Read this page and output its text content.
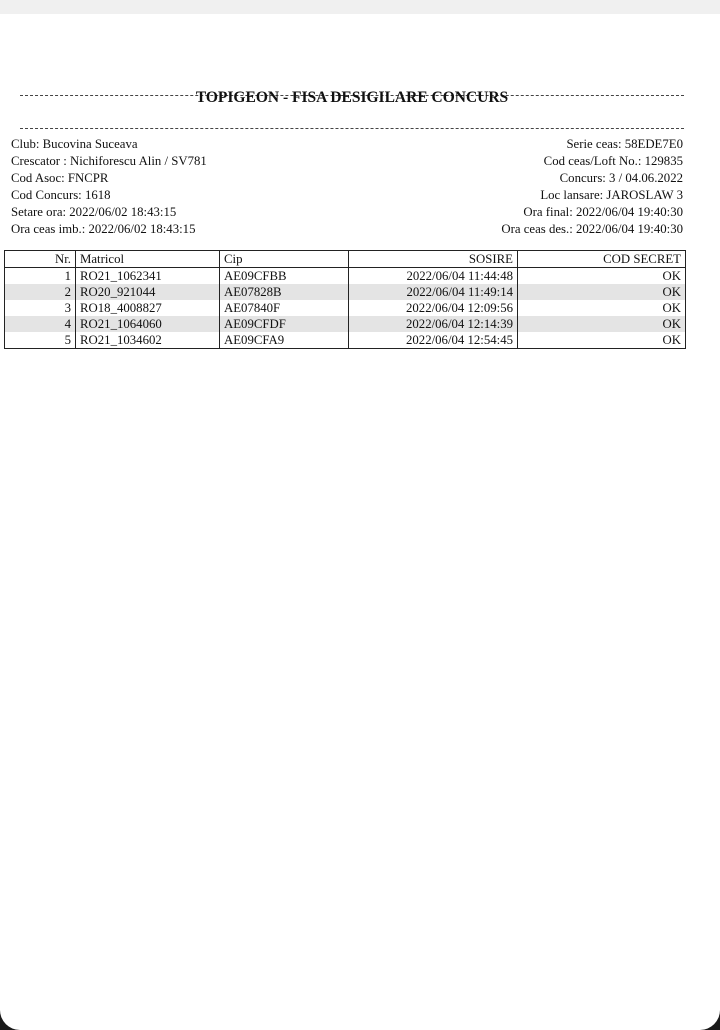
TOPIGEON - FISA DESIGILARE CONCURS
Club: Bucovina Suceava
Crescator : Nichiforescu Alin / SV781
Cod Asoc: FNCPR
Cod Concurs: 1618
Setare ora: 2022/06/02 18:43:15
Ora ceas imb.: 2022/06/02 18:43:15
Serie ceas: 58EDE7E0
Cod ceas/Loft No.: 129835
Concurs: 3 / 04.06.2022
Loc lansare: JAROSLAW 3
Ora final: 2022/06/04 19:40:30
Ora ceas des.: 2022/06/04 19:40:30
Nr.	Matricol	Cip	SOSIRE	COD SECRET
1	RO21_1062341	AE09CFBB	2022/06/04 11:44:48	OK
2	RO20_921044	AE07828B	2022/06/04 11:49:14	OK
3	RO18_4008827	AE07840F	2022/06/04 12:09:56	OK
4	RO21_1064060	AE09CFDF	2022/06/04 12:14:39	OK
5	RO21_1034602	AE09CFA9	2022/06/04 12:54:45	OK
